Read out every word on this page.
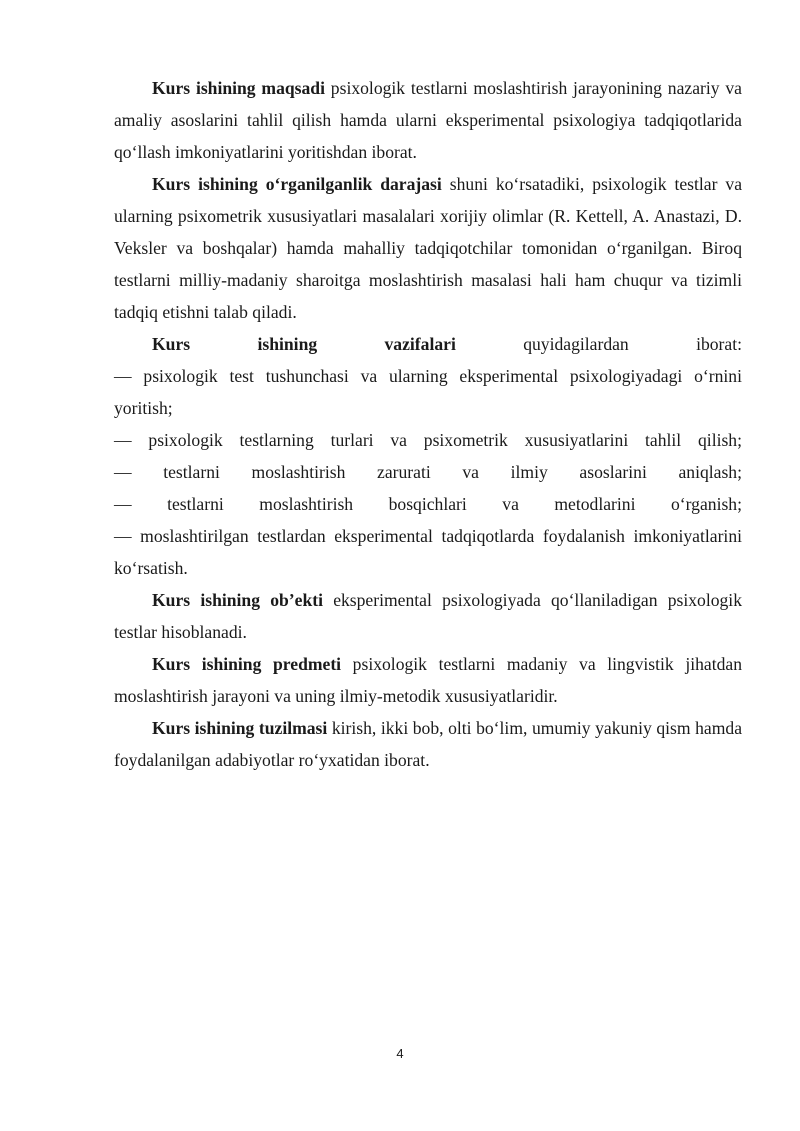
Kurs ishining maqsadi psixologik testlarni moslashtirish jarayonining nazariy va amaliy asoslarini tahlil qilish hamda ularni eksperimental psixologiya tadqiqotlarida qo‘llash imkoniyatlarini yoritishdan iborat.

Kurs ishining o‘rganilganlik darajasi shuni ko‘rsatadiki, psixologik testlar va ularning psixometrik xususiyatlari masalalari xorijiy olimlar (R. Kettell, A. Anastazi, D. Veksler va boshqalar) hamda mahalliy tadqiqotchilar tomonidan o‘rganilgan. Biroq testlarni milliy-madaniy sharoitga moslashtirish masalasi hali ham chuqur va tizimli tadqiq etishni talab qiladi.

Kurs	ishining	vazifalari	quyidagilardan	iborat:

— psixologik test tushunchasi va ularning eksperimental psixologiyadagi o‘rnini yoritish;

— psixologik testlarning turlari va psixometrik xususiyatlarini tahlil qilish;

— testlarni moslashtirish zarurati va ilmiy asoslarini aniqlash;

— testlarni moslashtirish bosqichlari va metodlarini o‘rganish;

— moslashtirilgan testlardan eksperimental tadqiqotlarda foydalanish imkoniyatlarini ko‘rsatish.

Kurs ishining ob’ekti eksperimental psixologiyada qo‘llaniladigan psixologik testlar hisoblanadi.

Kurs ishining predmeti psixologik testlarni madaniy va lingvistik jihatdan moslashtirish jarayoni va uning ilmiy-metodik xususiyatlaridir.

Kurs ishining tuzilmasi kirish, ikki bob, olti bo‘lim, umumiy yakuniy qism hamda foydalanilgan adabiyotlar ro‘yxatidan iborat.

4
